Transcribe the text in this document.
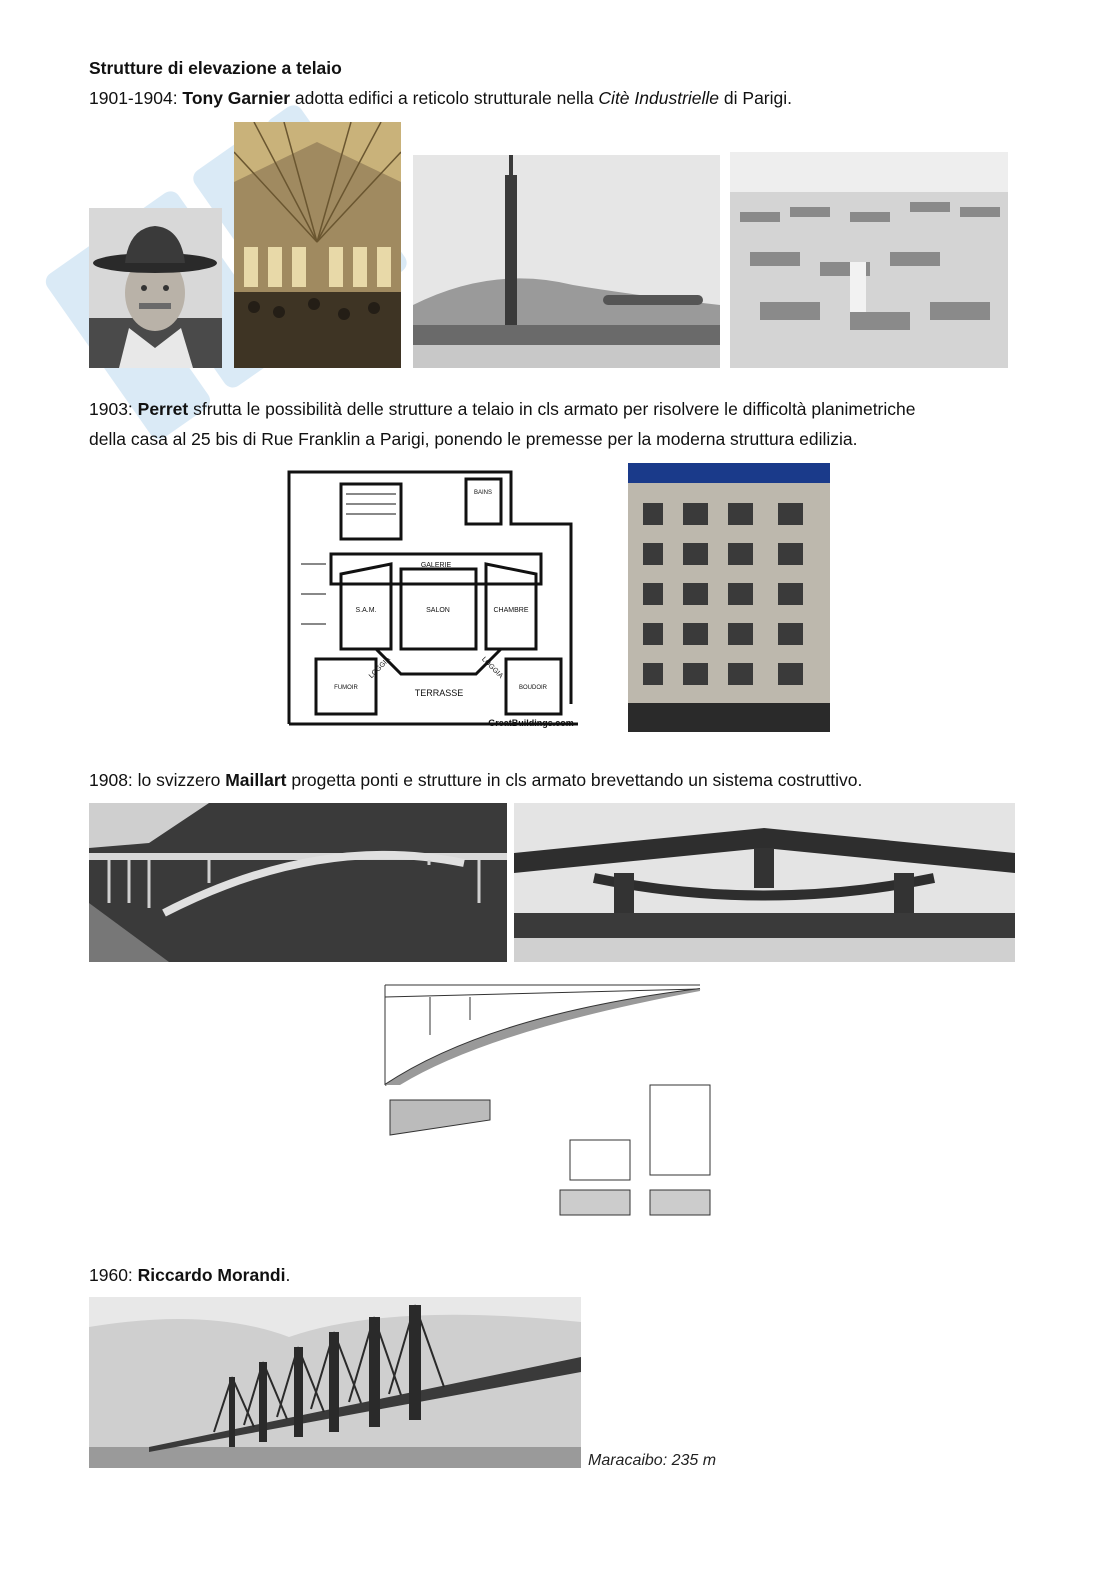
Strutture di elevazione a telaio
1901‑1904: Tony Garnier adotta edifici a reticolo strutturale nella Citè Industrielle di Parigi.
1903: Perret sfrutta le possibilità delle strutture a telaio in cls armato per risolvere le difficoltà planimetriche
della casa al 25 bis di Rue Franklin a Parigi, ponendo le premesse per la moderna struttura edilizia.
GALERIE
S.A.M.	SALON	CHAMBRE
LOGGIA	LOGGIA
TERRASSE
BAINS
FUMOIR	BOUDOIR
GreatBuildings.com
1908: lo svizzero Maillart progetta ponti e strutture in cls armato brevettando un sistema costruttivo.
1960: Riccardo Morandi.
Maracaibo: 235 m
